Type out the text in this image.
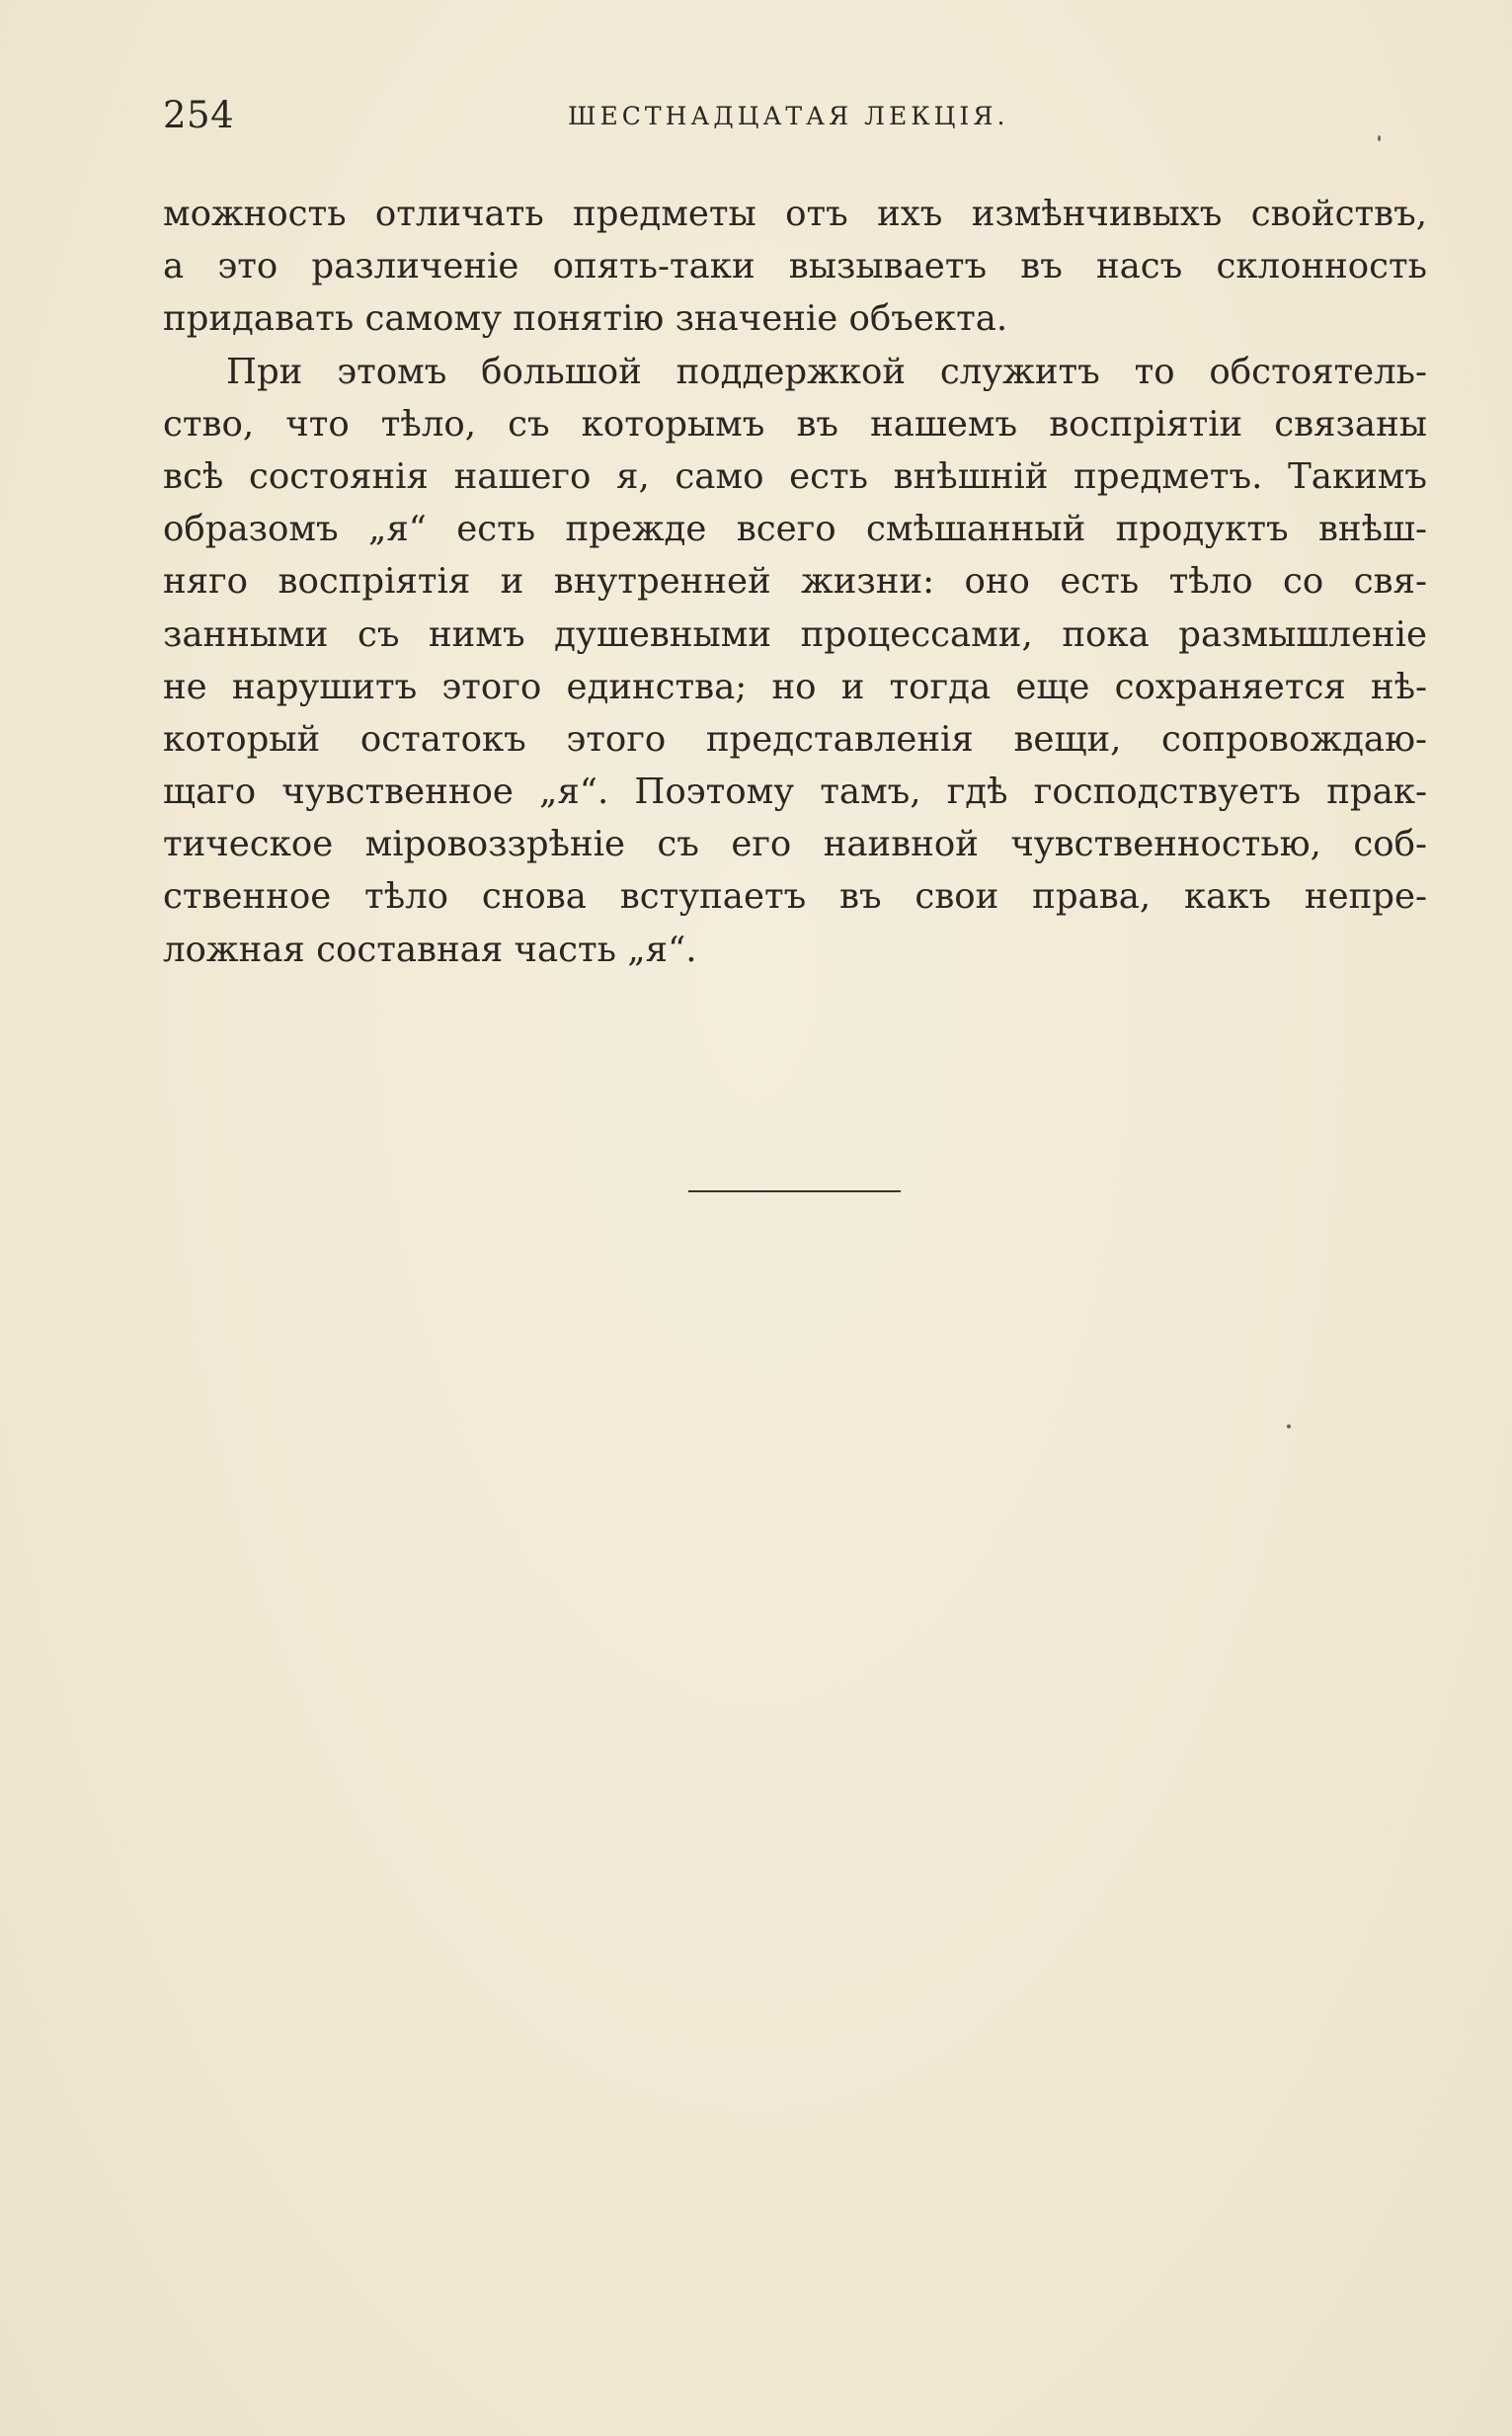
254	ШЕСТНАДЦАТАЯ ЛЕКЦІЯ.
можность отличать предметы отъ ихъ измѣнчивыхъ свойствъ,
а это различеніе опять-таки вызываетъ въ насъ склонность
придавать самому понятію значеніе объекта.
При этомъ большой поддержкой служитъ то обстоятель-
ство, что тѣло, съ которымъ въ нашемъ воспріятіи связаны
всѣ состоянія нашего я, само есть внѣшній предметъ. Такимъ
образомъ „я“ есть прежде всего смѣшанный продуктъ внѣш-
няго воспріятія и внутренней жизни: оно есть тѣло со свя-
занными съ нимъ душевными процессами, пока размышленіе
не нарушитъ этого единства; но и тогда еще сохраняется нѣ-
который остатокъ этого представленія вещи, сопровождаю-
щаго чувственное „я“. Поэтому тамъ, гдѣ господствуетъ прак-
тическое міровоззрѣніе съ его наивной чувственностью, соб-
ственное тѣло снова вступаетъ въ свои права, какъ непре-
ложная составная часть „я“.
